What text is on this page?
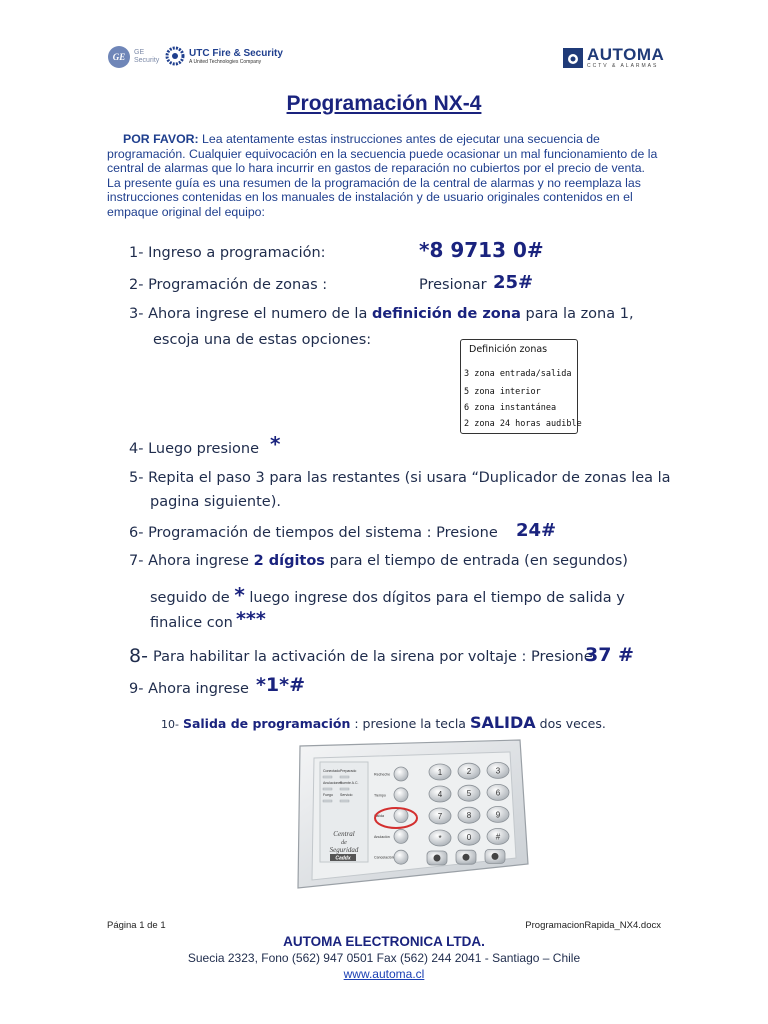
GE	GE
Security
UTC Fire & Security
A United Technologies Company	AUTOMA
CCTV & ALARMAS
Programación NX-4
POR FAVOR: Lea atentamente estas instrucciones antes de ejecutar una secuencia de programación. Cualquier equivocación en la secuencia puede ocasionar un mal funcionamiento de la central de alarmas que lo hara incurrir en gastos de reparación no cubiertos por el precio de venta. La presente guía es una resumen de la programación de la central de alarmas y no reemplaza las instrucciones contenidas en los manuales de instalación y de usuario originales contenidos en el empaque original del equipo:
1- Ingreso a programación:	*8 9713 0#
2- Programación de zonas :	Presionar 25#
3- Ahora ingrese el numero de la definición de zona para la zona 1,
escoja una de estas opciones:
Definición zonas
3 zona entrada/salida
5 zona interior
6 zona instantánea
2 zona 24 horas audible
4- Luego presione *
5- Repita el paso 3 para las restantes (si usara “Duplicador de zonas lea la
pagina siguiente).
6- Programación de tiempos del sistema : Presione 24#
7- Ahora ingrese 2 dígitos para el tiempo de entrada (en segundos)
seguido de * luego ingrese dos dígitos para el tiempo de salida y
finalice con ***
8- Para habilitar la activación de la sirena por voltaje : Presione
37 #
9- Ahora ingrese *1*#
10- Salida de programación : presione la tecla SALIDA dos veces.
Conectado Preparado
Anulaciones
Fuente A.C.
Fuego Servicio
Central
de
Seguridad
Caddx
Recheche
Tiempo
Salida
Anulación
Cancelación
1	2	3
4	5	6
7	8	9
*	0	#
Página 1 de 1	ProgramacionRapida_NX4.docx
AUTOMA ELECTRONICA LTDA.
Suecia 2323, Fono (562) 947 0501 Fax (562) 244 2041 - Santiago – Chile
www.automa.cl
